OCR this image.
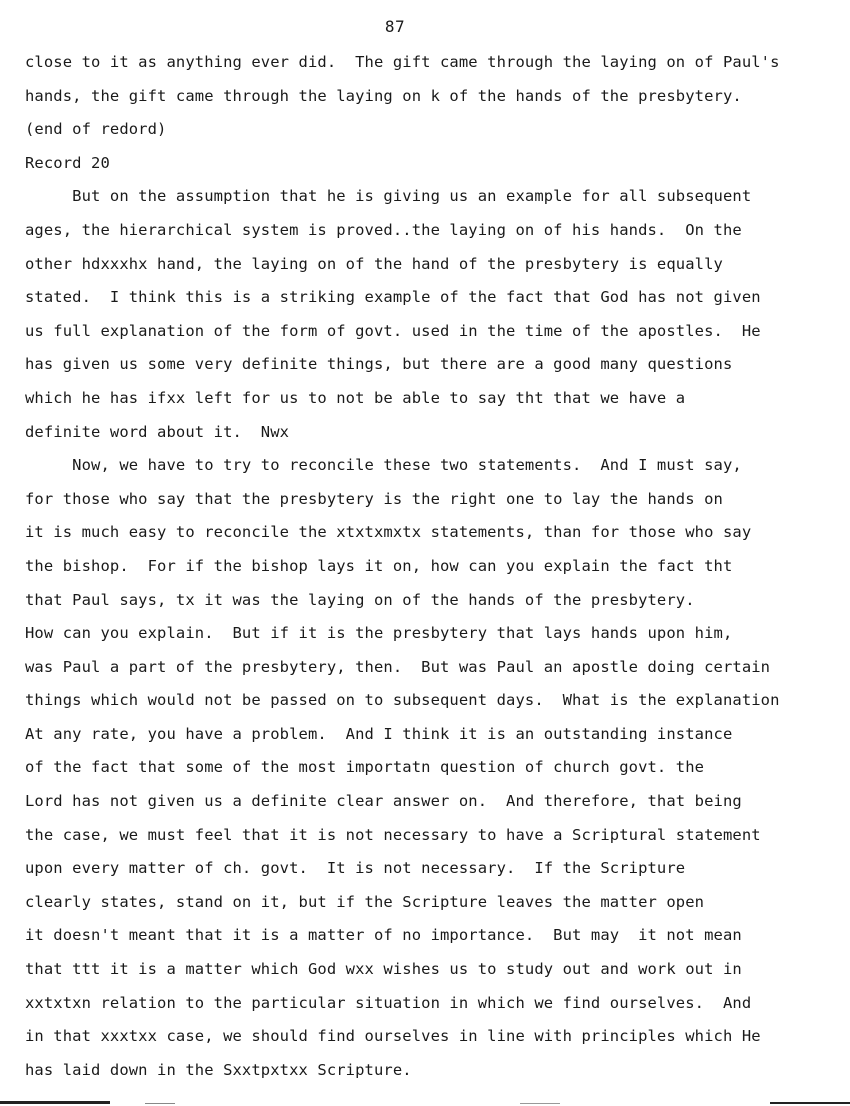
87
close to it as anything ever did.  The gift came through the laying on of Paul's
hands, the gift came through the laying on k of the hands of the presbytery.
(end of redord)
Record 20
But on the assumption that he is giving us an example for all subsequent
ages, the hierarchical system is proved..the laying on of his hands.  On the
other hdxxxhx hand, the laying on of the hand of the presbytery is equally
stated.  I think this is a striking example of the fact that God has not given
us full explanation of the form of govt. used in the time of the apostles.  He
has given us some very definite things, but there are a good many questions
which he has ifxx left for us to not be able to say tht that we have a
definite word about it.  Nwx
Now, we have to try to reconcile these two statements.  And I must say,
for those who say that the presbytery is the right one to lay the hands on
it is much easy to reconcile the xtxtxmxtx statements, than for those who say
the bishop.  For if the bishop lays it on, how can you explain the fact tht
that Paul says, tx it was the laying on of the hands of the presbytery.
How can you explain.  But if it is the presbytery that lays hands upon him,
was Paul a part of the presbytery, then.  But was Paul an apostle doing certain
things which would not be passed on to subsequent days.  What is the explanation
At any rate, you have a problem.  And I think it is an outstanding instance
of the fact that some of the most importatn question of church govt. the
Lord has not given us a definite clear answer on.  And therefore, that being
the case, we must feel that it is not necessary to have a Scriptural statement
upon every matter of ch. govt.  It is not necessary.  If the Scripture
clearly states, stand on it, but if the Scripture leaves the matter open
it doesn't meant that it is a matter of no importance.  But may  it not mean
that ttt it is a matter which God wxx wishes us to study out and work out in
xxtxtxn relation to the particular situation in which we find ourselves.  And
in that xxxtxx case, we should find ourselves in line with principles which He
has laid down in the Sxxtpxtxx Scripture.
